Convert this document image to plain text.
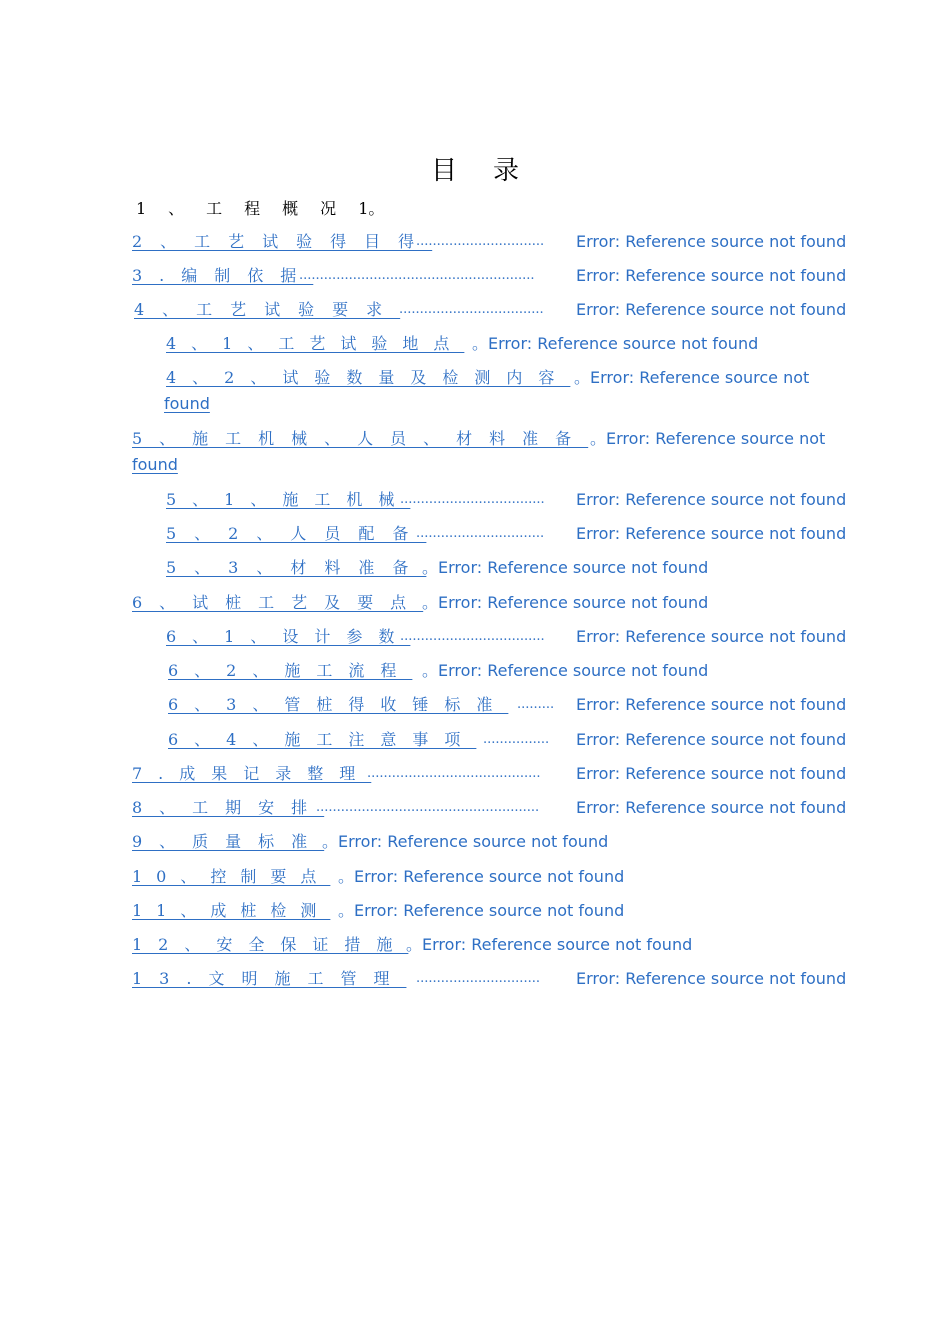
目录
1、工程概况1。
2、工艺试验得目得
............................... Error: Reference source not found
3.编制依据
.........................................................	Error: Reference source not found
4、工艺试验要求
................................... Error: Reference source not found
4、1、工艺试验地点 。Error: Reference source not found
4、2、试验数量及检测内容 。Error: Reference source not
found
5、施工机械、人员、材料准备 。Error: Reference source not
found
5、1、施工机械
................................... Error: Reference source not found
5、2、人员配备
............................... Error: Reference source not found
5、3、材料准备
。Error: Reference source not found
6、试桩工艺及要点
。Error: Reference source not found
6、1、设计参数
................................... Error: Reference source not found
6、2、施工流程 。Error: Reference source not found
6、3、管桩得收锤标准 ......... Error: Reference source not found
6、4、施工注意事项 ................ Error: Reference source not found
7.成果记录整理
.......................................... Error: Reference source not found
8、工期安排
...................................................... Error: Reference source not found
9、质量标准
。Error: Reference source not found
10、控制要点 。Error: Reference source not found
11、成桩检测 。Error: Reference source not found
12、安全保证措施
。Error: Reference source not found
13.文明施工管理 .............................. Error: Reference source not found
